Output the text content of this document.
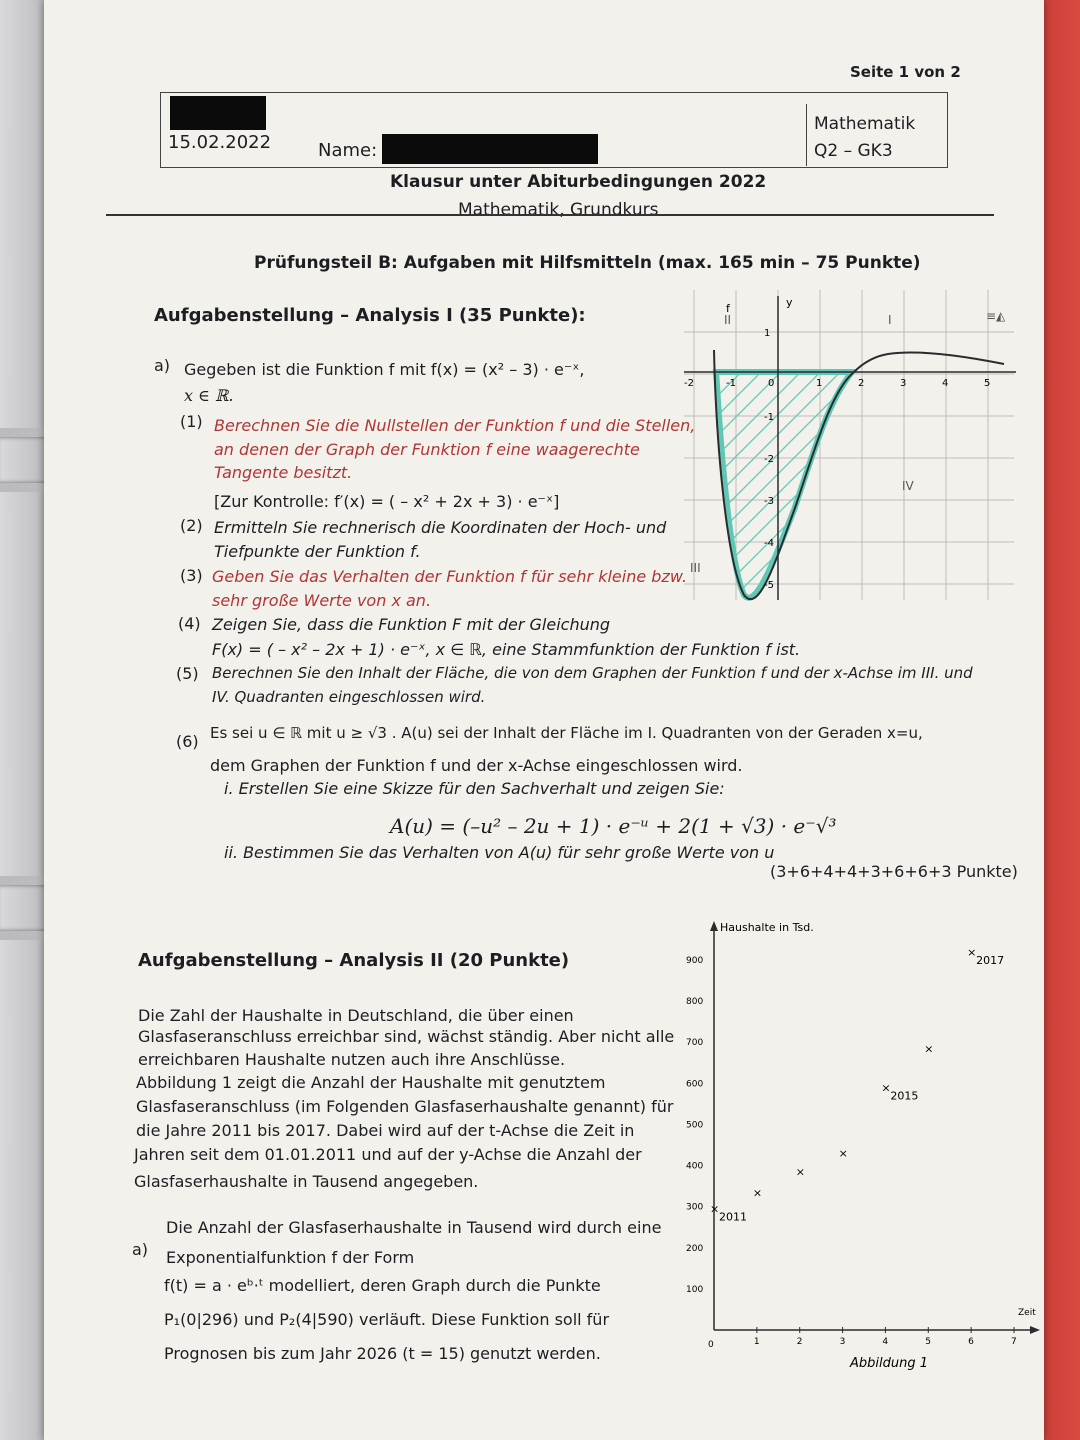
Seite 1 von 2
15.02.2022	Name:
Mathematik
Q2 – GK3
Klausur unter Abiturbedingungen 2022
Mathematik, Grundkurs
Prüfungsteil B: Aufgaben mit Hilfsmitteln (max. 165 min – 75 Punkte)
Aufgabenstellung – Analysis I (35 Punkte):
a) Gegeben ist die Funktion f mit f(x) = (x² – 3) · e⁻ˣ,
x ∈ ℝ.
(1) Berechnen Sie die Nullstellen der Funktion f und die Stellen,
an denen der Graph der Funktion f eine waagerechte
Tangente besitzt.
[Zur Kontrolle: f′(x) = ( – x² + 2x + 3) · e⁻ˣ]
(2) Ermitteln Sie rechnerisch die Koordinaten der Hoch- und
Tiefpunkte der Funktion f.
(3) Geben Sie das Verhalten der Funktion f für sehr kleine bzw.
sehr große Werte von x an.
(4) Zeigen Sie, dass die Funktion F mit der Gleichung
F(x) = ( – x² – 2x + 1) · e⁻ˣ, x ∈ ℝ, eine Stammfunktion der Funktion f ist.
(5) Berechnen Sie den Inhalt der Fläche, die von dem Graphen der Funktion f und der x-Achse im III. und
IV. Quadranten eingeschlossen wird.
(6) Es sei u ∈ ℝ mit u ≥ √3 . A(u) sei der Inhalt der Fläche im I. Quadranten von der Geraden x=u,
dem Graphen der Funktion f und der x-Achse eingeschlossen wird.
i. Erstellen Sie eine Skizze für den Sachverhalt und zeigen Sie:
A(u) = (–u² – 2u + 1) · e⁻ᵘ + 2(1 + √3) · e⁻√³
ii. Bestimmen Sie das Verhalten von A(u) für sehr große Werte von u
(3+6+4+4+3+6+6+3 Punkte)
f	y
-2	-1	0	1	2	3	4	5
1
-1
-2
-3
-4
-5
II	I
III
IV
≡◭
Aufgabenstellung – Analysis II (20 Punkte)
Die Zahl der Haushalte in Deutschland, die über einen
Glasfaseranschluss erreichbar sind, wächst ständig. Aber nicht alle
erreichbaren Haushalte nutzen auch ihre Anschlüsse.
Abbildung 1 zeigt die Anzahl der Haushalte mit genutztem
Glasfaseranschluss (im Folgenden Glasfaserhaushalte genannt) für
die Jahre 2011 bis 2017. Dabei wird auf der t-Achse die Zeit in
Jahren seit dem 01.01.2011 und auf der y-Achse die Anzahl der
Glasfaserhaushalte in Tausend angegeben.
a)
Die Anzahl der Glasfaserhaushalte in Tausend wird durch eine
Exponentialfunktion f der Form
f(t) = a · eᵇ·ᵗ modelliert, deren Graph durch die Punkte
P₁(0|296) und P₂(4|590) verläuft. Diese Funktion soll für
Prognosen bis zum Jahr 2026 (t = 15) genutzt werden.
Haushalte in Tsd.
Zeit
0
Abbildung 1
100
200
300
400
500
600
700
800
900
1	2	3	4	5	6	7
×
×
×
×
×
×
×
2011
2015
2017
